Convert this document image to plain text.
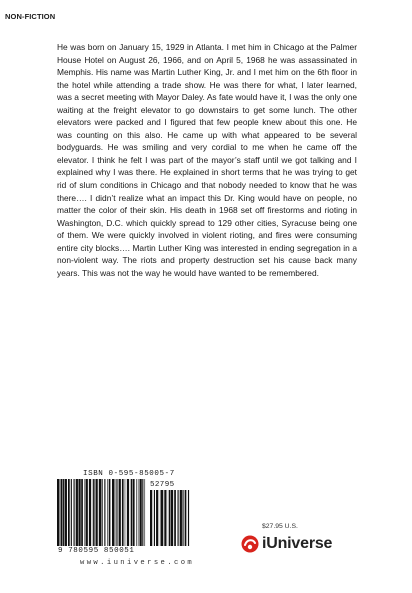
NON-FICTION

He was born on January 15, 1929 in Atlanta. I met him in Chicago at the Palmer House Hotel on August 26, 1966, and on April 5, 1968 he was assassinated in Memphis. His name was Martin Luther King, Jr. and I met him on the 6th floor in the hotel while attending a trade show. He was there for what, I later learned, was a secret meeting with Mayor Daley. As fate would have it, I was the only one waiting at the freight elevator to go downstairs to get some lunch. The other elevators were packed and I figured that few people knew about this one. He was counting on this also. He came up with what appeared to be several bodyguards. He was smiling and very cordial to me when he came off the elevator. I think he felt I was part of the mayor’s staff until we got talking and I explained why I was there. He explained in short terms that he was trying to get rid of slum conditions in Chicago and that nobody needed to know that he was there…. I didn’t realize what an impact this Dr. King would have on people, no matter the color of their skin. His death in 1968 set off firestorms and rioting in Washington, D.C. which quickly spread to 129 other cities, Syracuse being one of them. We were quickly involved in violent rioting, and fires were consuming entire city blocks…. Martin Luther King was interested in ending segregation in a non-violent way. The riots and property destruction set his cause back many years. This was not the way he would have wanted to be remembered.

ISBN 0-595-85005-7
52795
9 780595 850051
www.iuniverse.com
$27.95 U.S.
iUniverse
